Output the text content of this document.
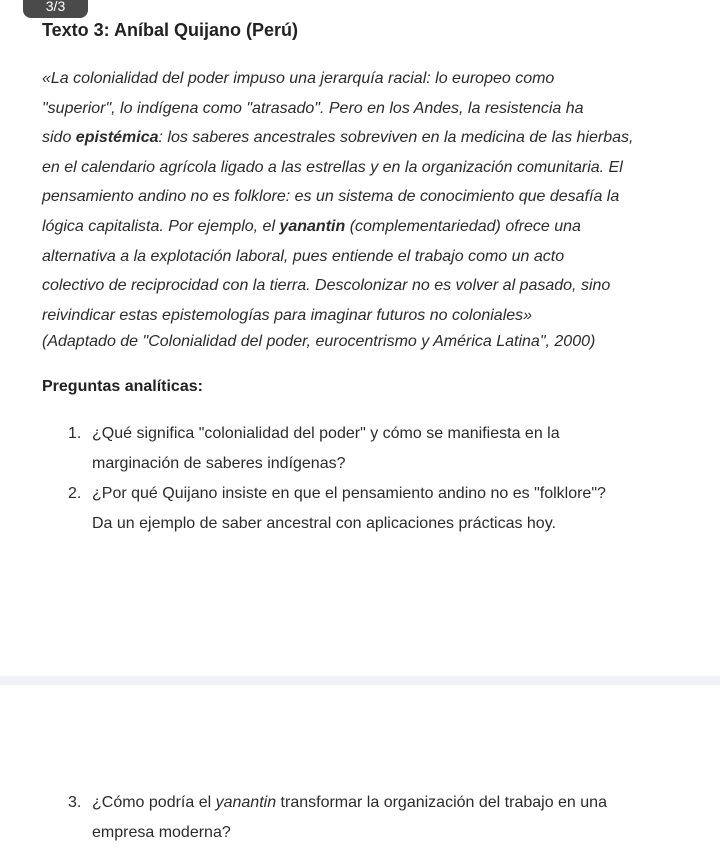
3/3
Texto 3: Aníbal Quijano (Perú)

«La colonialidad del poder impuso una jerarquía racial: lo europeo como
"superior", lo indígena como "atrasado". Pero en los Andes, la resistencia ha
sido epistémica: los saberes ancestrales sobreviven en la medicina de las hierbas,
en el calendario agrícola ligado a las estrellas y en la organización comunitaria. El
pensamiento andino no es folklore: es un sistema de conocimiento que desafía la
lógica capitalista. Por ejemplo, el yanantin (complementariedad) ofrece una
alternativa a la explotación laboral, pues entiende el trabajo como un acto
colectivo de reciprocidad con la tierra. Descolonizar no es volver al pasado, sino
reivindicar estas epistemologías para imaginar futuros no coloniales»

(Adaptado de "Colonialidad del poder, eurocentrismo y América Latina", 2000)
Preguntas analíticas:
1. ¿Qué significa "colonialidad del poder" y cómo se manifiesta en la
marginación de saberes indígenas?
2. ¿Por qué Quijano insiste en que el pensamiento andino no es "folklore"?
Da un ejemplo de saber ancestral con aplicaciones prácticas hoy.
3. ¿Cómo podría el yanantin transformar la organización del trabajo en una
empresa moderna?
